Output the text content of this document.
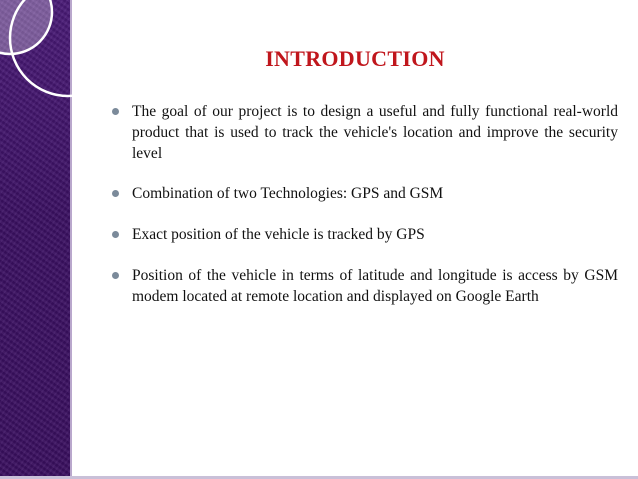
INTRODUCTION
The goal of our project is to design a useful and fully functional real-world product that is used to track the vehicle's location and improve the security level
Combination of two Technologies: GPS and GSM
Exact position of the vehicle is tracked by GPS
Position of the vehicle in terms of latitude and longitude is access by GSM modem located at remote location and displayed on Google Earth
